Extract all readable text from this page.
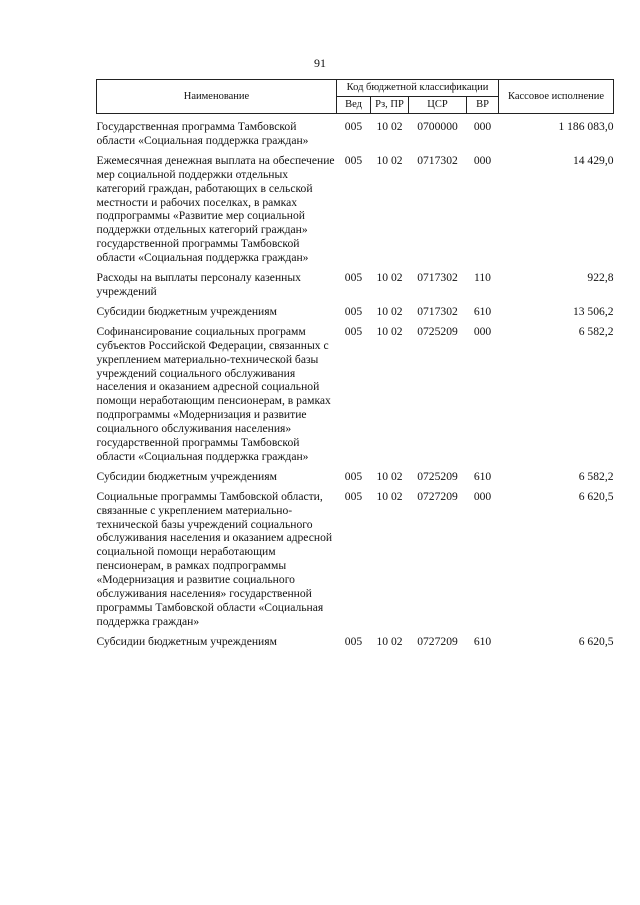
91
Наименование	Код бюджетной классификации				Кассовое исполнение
	Вед	Рз, ПР	ЦСР	ВР	

Государственная программа Тамбовской области «Социальная поддержка граждан»	005	10 02	0700000	000	1 186 083,0
Ежемесячная денежная выплата на обеспечение мер социальной поддержки отдельных категорий граждан, работающих в сельской местности и рабочих поселках, в рамках подпрограммы «Развитие мер социальной поддержки отдельных категорий граждан» государственной программы Тамбовской области «Социальная поддержка граждан»	005	10 02	0717302	000	14 429,0
Расходы на выплаты персоналу казенных учреждений	005	10 02	0717302	110	922,8
Субсидии бюджетным учреждениям	005	10 02	0717302	610	13 506,2
Софинансирование социальных программ субъектов Российской Федерации, связанных с укреплением материально-технической базы учреждений социального обслуживания населения и оказанием адресной социальной помощи неработающим пенсионерам, в рамках подпрограммы «Модернизация и развитие социального обслуживания населения» государственной программы Тамбовской области «Социальная поддержка граждан»	005	10 02	0725209	000	6 582,2
Субсидии бюджетным учреждениям	005	10 02	0725209	610	6 582,2
Социальные программы Тамбовской области, связанные с укреплением материально-технической базы учреждений социального обслуживания населения и оказанием адресной социальной помощи неработающим пенсионерам, в рамках подпрограммы «Модернизация и развитие социального обслуживания населения» государственной программы Тамбовской области «Социальная поддержка граждан»	005	10 02	0727209	000	6 620,5
Субсидии бюджетным учреждениям	005	10 02	0727209	610	6 620,5
